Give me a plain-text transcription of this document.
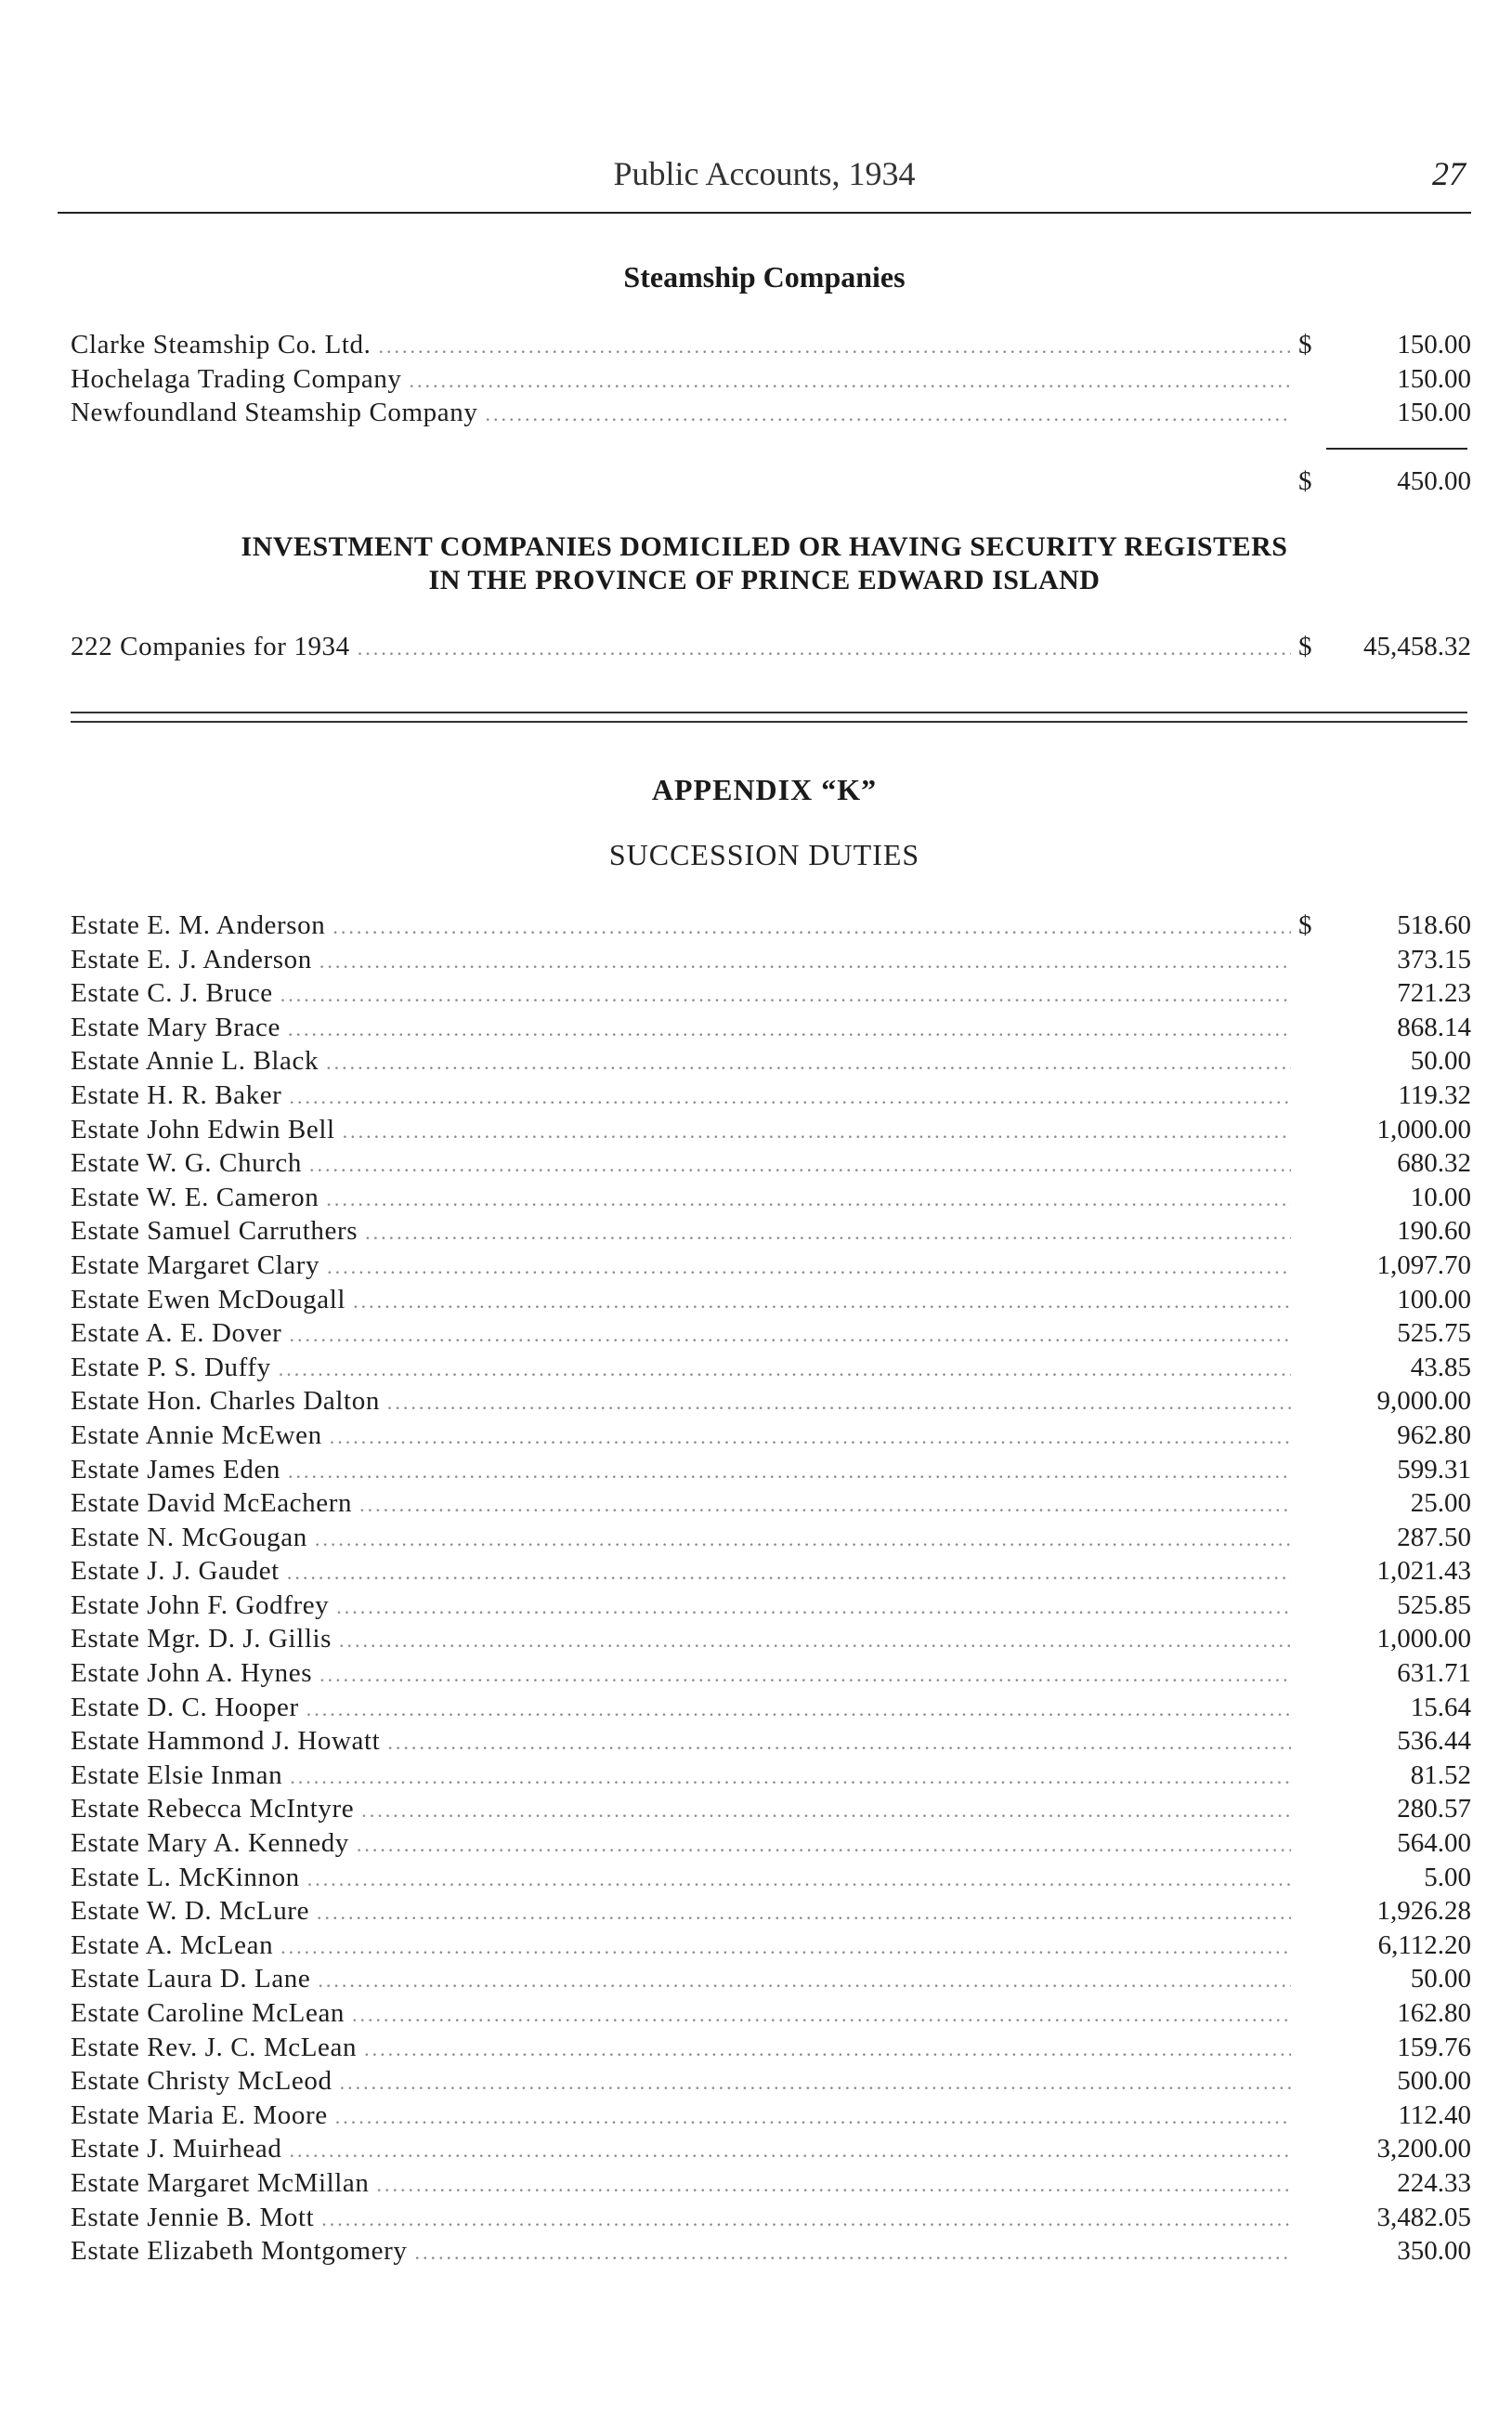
Public Accounts, 1934	27
Steamship Companies
Clarke Steamship Co. Ltd. .....	$	150.00
Hochelaga Trading Company .....	150.00
Newfoundland Steamship Company .....	150.00
$	450.00
INVESTMENT COMPANIES DOMICILED OR HAVING SECURITY REGISTERS
IN THE PROVINCE OF PRINCE EDWARD ISLAND
222 Companies for 1934 .....	$	45,458.32
APPENDIX “K”
SUCCESSION DUTIES
Estate E. M. Anderson .....	$	518.60
Estate E. J. Anderson .....	373.15
Estate C. J. Bruce .....	721.23
Estate Mary Brace .....	868.14
Estate Annie L. Black .....	50.00
Estate H. R. Baker .....	119.32
Estate John Edwin Bell .....	1,000.00
Estate W. G. Church .....	680.32
Estate W. E. Cameron .....	10.00
Estate Samuel Carruthers .....	190.60
Estate Margaret Clary .....	1,097.70
Estate Ewen McDougall .....	100.00
Estate A. E. Dover .....	525.75
Estate P. S. Duffy .....	43.85
Estate Hon. Charles Dalton .....	9,000.00
Estate Annie McEwen .....	962.80
Estate James Eden .....	599.31
Estate David McEachern .....	25.00
Estate N. McGougan .....	287.50
Estate J. J. Gaudet .....	1,021.43
Estate John F. Godfrey .....	525.85
Estate Mgr. D. J. Gillis .....	1,000.00
Estate John A. Hynes .....	631.71
Estate D. C. Hooper .....	15.64
Estate Hammond J. Howatt .....	536.44
Estate Elsie Inman .....	81.52
Estate Rebecca McIntyre .....	280.57
Estate Mary A. Kennedy .....	564.00
Estate L. McKinnon .....	5.00
Estate W. D. McLure .....	1,926.28
Estate A. McLean .....	6,112.20
Estate Laura D. Lane .....	50.00
Estate Caroline McLean .....	162.80
Estate Rev. J. C. McLean .....	159.76
Estate Christy McLeod .....	500.00
Estate Maria E. Moore .....	112.40
Estate J. Muirhead .....	3,200.00
Estate Margaret McMillan .....	224.33
Estate Jennie B. Mott .....	3,482.05
Estate Elizabeth Montgomery .....	350.00
